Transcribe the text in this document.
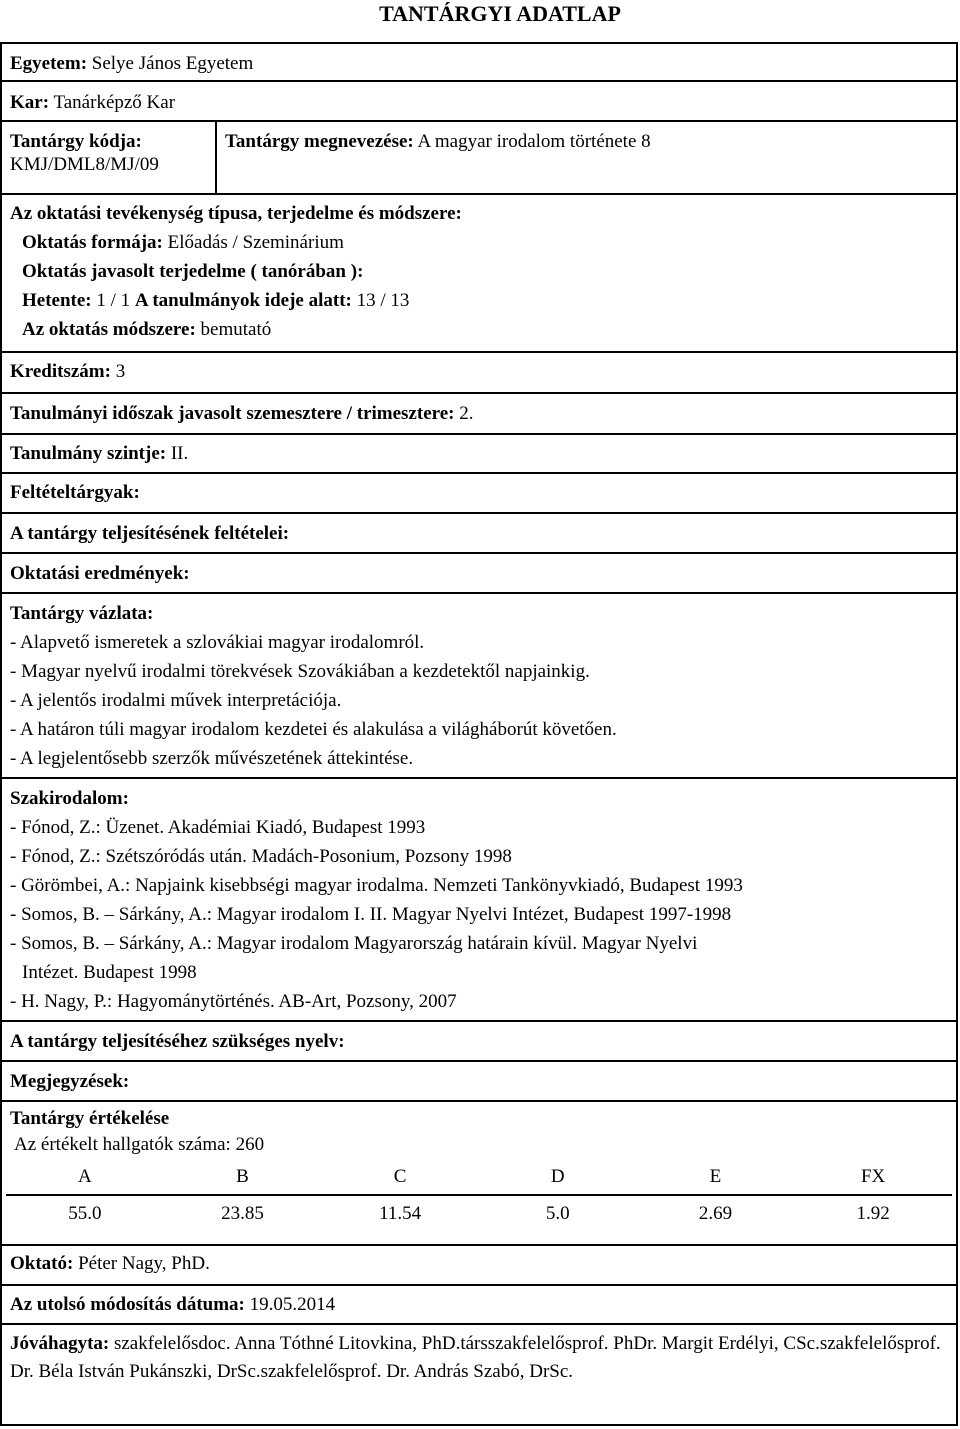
TANTÁRGYI ADATLAP
Egyetem: Selye János Egyetem
Kar: Tanárképző Kar
Tantárgy kódja:
KMJ/DML8/MJ/09
Tantárgy megnevezése: A magyar irodalom története 8
Az oktatási tevékenység típusa, terjedelme és módszere:
Oktatás formája: Előadás / Szeminárium
Oktatás javasolt terjedelme ( tanórában ):
Hetente: 1 / 1 A tanulmányok ideje alatt: 13 / 13
Az oktatás módszere: bemutató
Kreditszám: 3
Tanulmányi időszak javasolt szemesztere / trimesztere: 2.
Tanulmány szintje: II.
Feltételtárgyak:
A tantárgy teljesítésének feltételei:
Oktatási eredmények:
Tantárgy vázlata:
- Alapvető ismeretek a szlovákiai magyar irodalomról.
- Magyar nyelvű irodalmi törekvések Szovákiában a kezdetektől napjainkig.
- A jelentős irodalmi művek interpretációja.
- A határon túli magyar irodalom kezdetei és alakulása a világháborút követően.
- A legjelentősebb szerzők művészetének áttekintése.
Szakirodalom:
- Fónod, Z.: Üzenet. Akadémiai Kiadó, Budapest 1993
- Fónod, Z.: Szétszóródás után. Madách-Posonium, Pozsony 1998
- Görömbei, A.: Napjaink kisebbségi magyar irodalma. Nemzeti Tankönyvkiadó, Budapest 1993
- Somos, B. – Sárkány, A.: Magyar irodalom I. II. Magyar Nyelvi Intézet, Budapest 1997-1998
- Somos, B. – Sárkány, A.: Magyar irodalom Magyarország határain kívül. Magyar Nyelvi
Intézet. Budapest 1998
- H. Nagy, P.: Hagyománytörténés. AB-Art, Pozsony, 2007
A tantárgy teljesítéséhez szükséges nyelv:
Megjegyzések:
Tantárgy értékelése
Az értékelt hallgatók száma: 260
A	B	C	D	E	FX
55.0	23.85	11.54	5.0	2.69	1.92
Oktató: Péter Nagy, PhD.
Az utolsó módosítás dátuma: 19.05.2014
Jóváhagyta: szakfelelősdoc. Anna Tóthné Litovkina, PhD.társszakfelelősprof. PhDr. Margit Erdélyi, CSc.szakfelelősprof. Dr. Béla István Pukánszki, DrSc.szakfelelősprof. Dr. András Szabó, DrSc.
